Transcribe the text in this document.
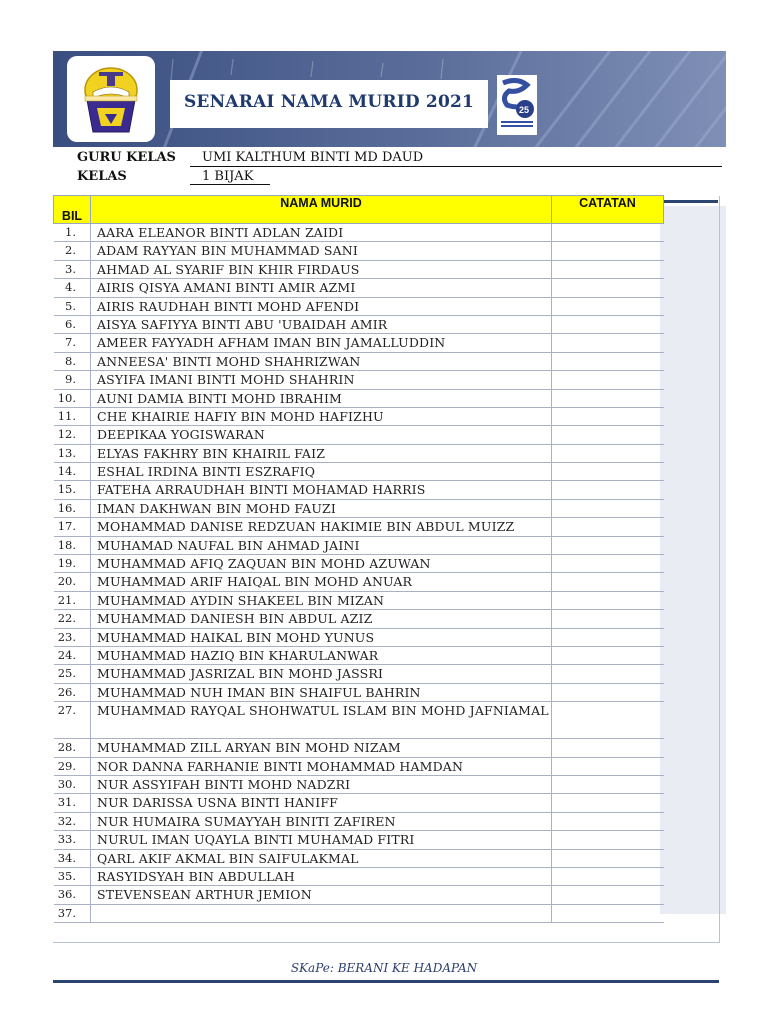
SENARAI NAMA MURID 2021	25
GURU KELAS UMI KALTHUM BINTI MD DAUD
KELAS	1 BIJAK
BIL	NAMA MURID	CATATAN
1.	AARA ELEANOR BINTI ADLAN ZAIDI	
2.	ADAM RAYYAN BIN MUHAMMAD SANI	
3.	AHMAD AL SYARIF BIN KHIR FIRDAUS	
4.	AIRIS QISYA AMANI BINTI AMIR AZMI	
5.	AIRIS RAUDHAH BINTI MOHD AFENDI	
6.	AISYA SAFIYYA BINTI ABU 'UBAIDAH AMIR	
7.	AMEER FAYYADH AFHAM IMAN BIN JAMALLUDDIN	
8.	ANNEESA' BINTI MOHD SHAHRIZWAN	
9.	ASYIFA IMANI BINTI MOHD SHAHRIN	
10.	AUNI DAMIA BINTI MOHD IBRAHIM	
11.	CHE KHAIRIE HAFIY BIN MOHD HAFIZHU	
12.	DEEPIKAA YOGISWARAN	
13.	ELYAS FAKHRY BIN KHAIRIL FAIZ	
14.	ESHAL IRDINA BINTI ESZRAFIQ	
15.	FATEHA ARRAUDHAH BINTI MOHAMAD HARRIS	
16.	IMAN DAKHWAN BIN MOHD FAUZI	
17.	MOHAMMAD DANISE REDZUAN HAKIMIE BIN ABDUL MUIZZ	
18.	MUHAMAD NAUFAL BIN AHMAD JAINI	
19.	MUHAMMAD AFIQ ZAQUAN BIN MOHD AZUWAN	
20.	MUHAMMAD ARIF HAIQAL BIN MOHD ANUAR	
21.	MUHAMMAD AYDIN SHAKEEL BIN MIZAN	
22.	MUHAMMAD DANIESH BIN ABDUL AZIZ	
23.	MUHAMMAD HAIKAL BIN MOHD YUNUS	
24.	MUHAMMAD HAZIQ BIN KHARULANWAR	
25.	MUHAMMAD JASRIZAL BIN MOHD JASSRI	
26.	MUHAMMAD NUH IMAN BIN SHAIFUL BAHRIN	
27.	MUHAMMAD RAYQAL SHOHWATUL ISLAM BIN MOHD JAFNIAMAL	
28.	MUHAMMAD ZILL ARYAN BIN MOHD NIZAM	
29.	NOR DANNA FARHANIE BINTI MOHAMMAD HAMDAN	
30.	NUR ASSYIFAH BINTI MOHD NADZRI	
31.	NUR DARISSA USNA BINTI HANIFF	
32.	NUR HUMAIRA SUMAYYAH BINITI ZAFIREN	
33.	NURUL IMAN UQAYLA BINTI MUHAMAD FITRI	
34.	QARL AKIF AKMAL BIN SAIFULAKMAL	
35.	RASYIDSYAH BIN ABDULLAH	
36.	STEVENSEAN ARTHUR JEMION	
37.		
SKaPe: BERANI KE HADAPAN
